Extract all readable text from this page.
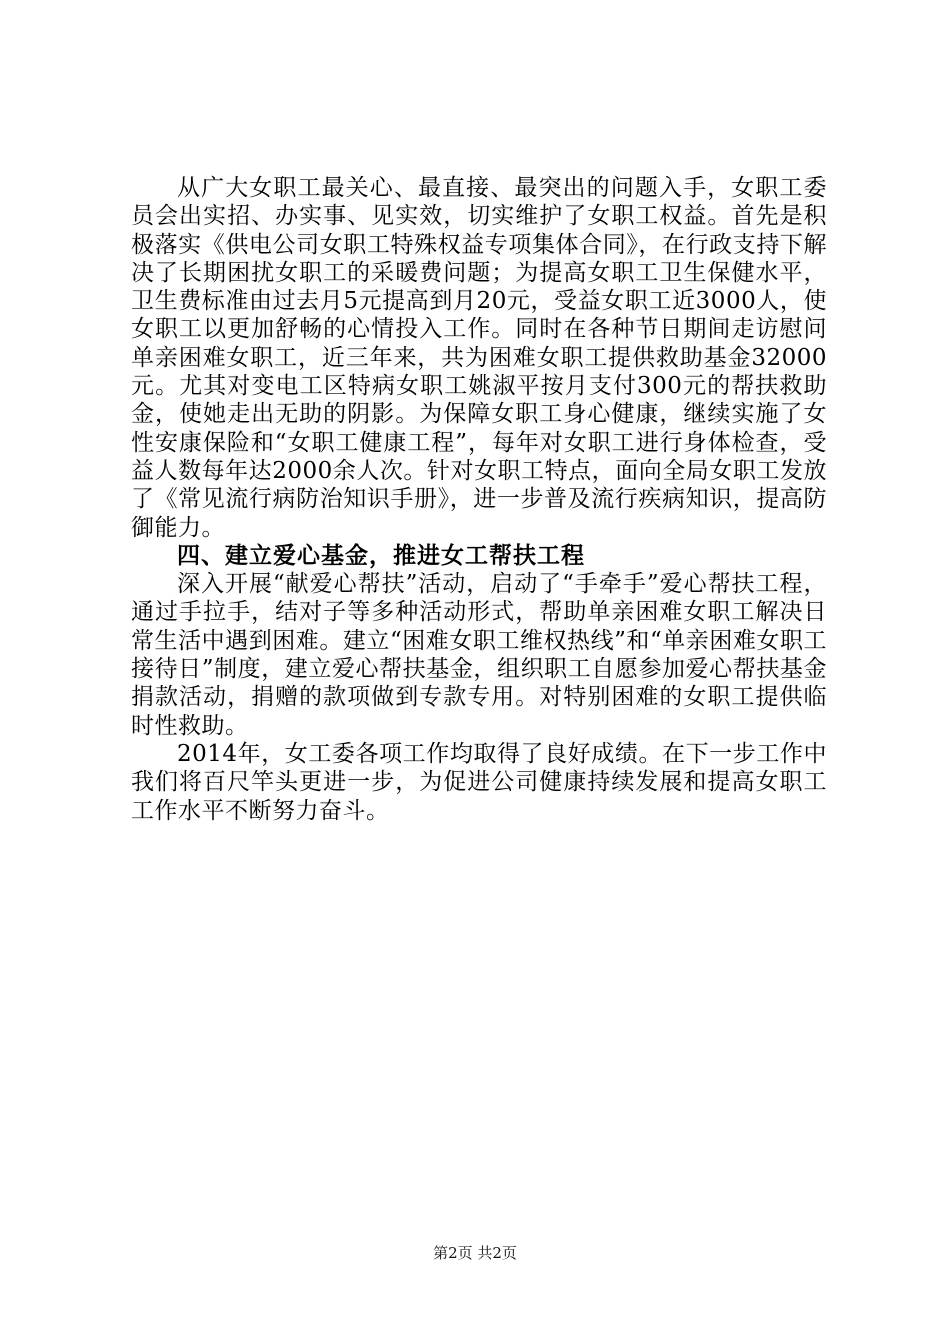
从广大女职工最关心、最直接、最突出的问题入手，女职工委员会出实招、办实事、见实效，切实维护了女职工权益。首先是积极落实《供电公司女职工特殊权益专项集体合同》，在行政支持下解决了长期困扰女职工的采暖费问题；为提高女职工卫生保健水平，卫生费标准由过去月5元提高到月20元，受益女职工近3000人，使女职工以更加舒畅的心情投入工作。同时在各种节日期间走访慰问单亲困难女职工，近三年来，共为困难女职工提供救助基金32000元。尤其对变电工区特病女职工姚淑平按月支付300元的帮扶救助金，使她走出无助的阴影。为保障女职工身心健康，继续实施了女性安康保险和“女职工健康工程”，每年对女职工进行身体检查，受益人数每年达2000余人次。针对女职工特点，面向全局女职工发放了《常见流行病防治知识手册》，进一步普及流行疾病知识，提高防御能力。

四、建立爱心基金，推进女工帮扶工程

深入开展“献爱心帮扶”活动，启动了“手牵手”爱心帮扶工程，通过手拉手，结对子等多种活动形式，帮助单亲困难女职工解决日常生活中遇到困难。建立“困难女职工维权热线”和“单亲困难女职工接待日”制度，建立爱心帮扶基金，组织职工自愿参加爱心帮扶基金捐款活动，捐赠的款项做到专款专用。对特别困难的女职工提供临时性救助。

2014年，女工委各项工作均取得了良好成绩。在下一步工作中我们将百尺竿头更进一步，为促进公司健康持续发展和提高女职工工作水平不断努力奋斗。

第2页 共2页
